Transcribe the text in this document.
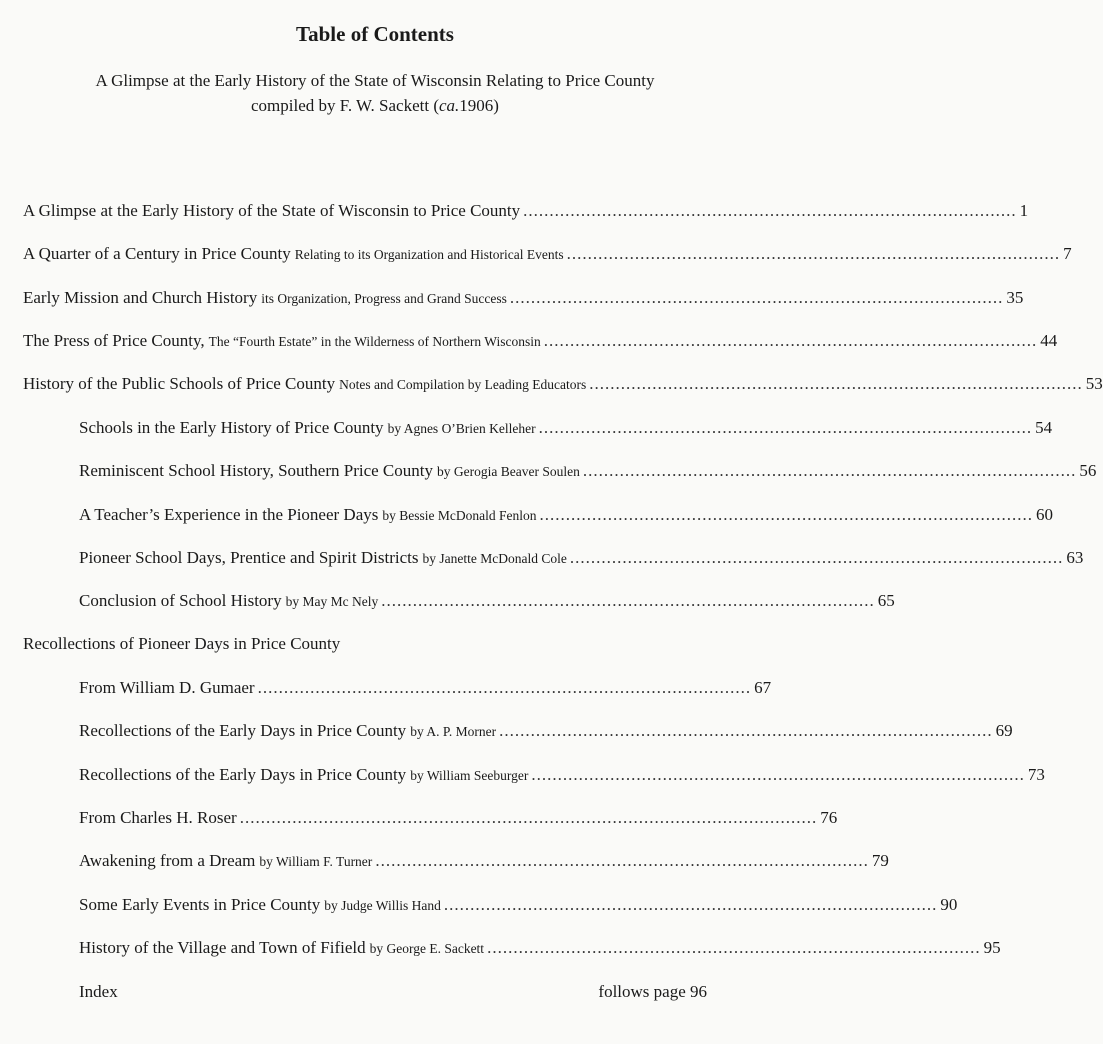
Table of Contents
A Glimpse at the Early History of the State of Wisconsin Relating to Price County
compiled by F. W. Sackett (ca.1906)
A Glimpse at the Early History of the State of Wisconsin to Price County .............................................................................................. 1
A Quarter of a Century in Price County Relating to its Organization and Historical Events .............................................................................................. 7
Early Mission and Church History its Organization, Progress and Grand Success .............................................................................................. 35
The Press of Price County, The “Fourth Estate” in the Wilderness of Northern Wisconsin .............................................................................................. 44
History of the Public Schools of Price County Notes and Compilation by Leading Educators .............................................................................................. 53
Schools in the Early History of Price County by Agnes O’Brien Kelleher .............................................................................................. 54
Reminiscent School History, Southern Price County by Gerogia Beaver Soulen .............................................................................................. 56
A Teacher’s Experience in the Pioneer Days by Bessie McDonald Fenlon .............................................................................................. 60
Pioneer School Days, Prentice and Spirit Districts by Janette McDonald Cole .............................................................................................. 63
Conclusion of School History by May Mc Nely .............................................................................................. 65
Recollections of Pioneer Days in Price County
From William D. Gumaer .............................................................................................. 67
Recollections of the Early Days in Price County by A. P. Morner .............................................................................................. 69
Recollections of the Early Days in Price County by William Seeburger .............................................................................................. 73
From Charles H. Roser .............................................................................................................. 76
Awakening from a Dream by William F. Turner .............................................................................................. 79
Some Early Events in Price County by Judge Willis Hand .............................................................................................. 90
History of the Village and Town of Fifield by George E. Sackett .............................................................................................. 95
Index	follows page 96
